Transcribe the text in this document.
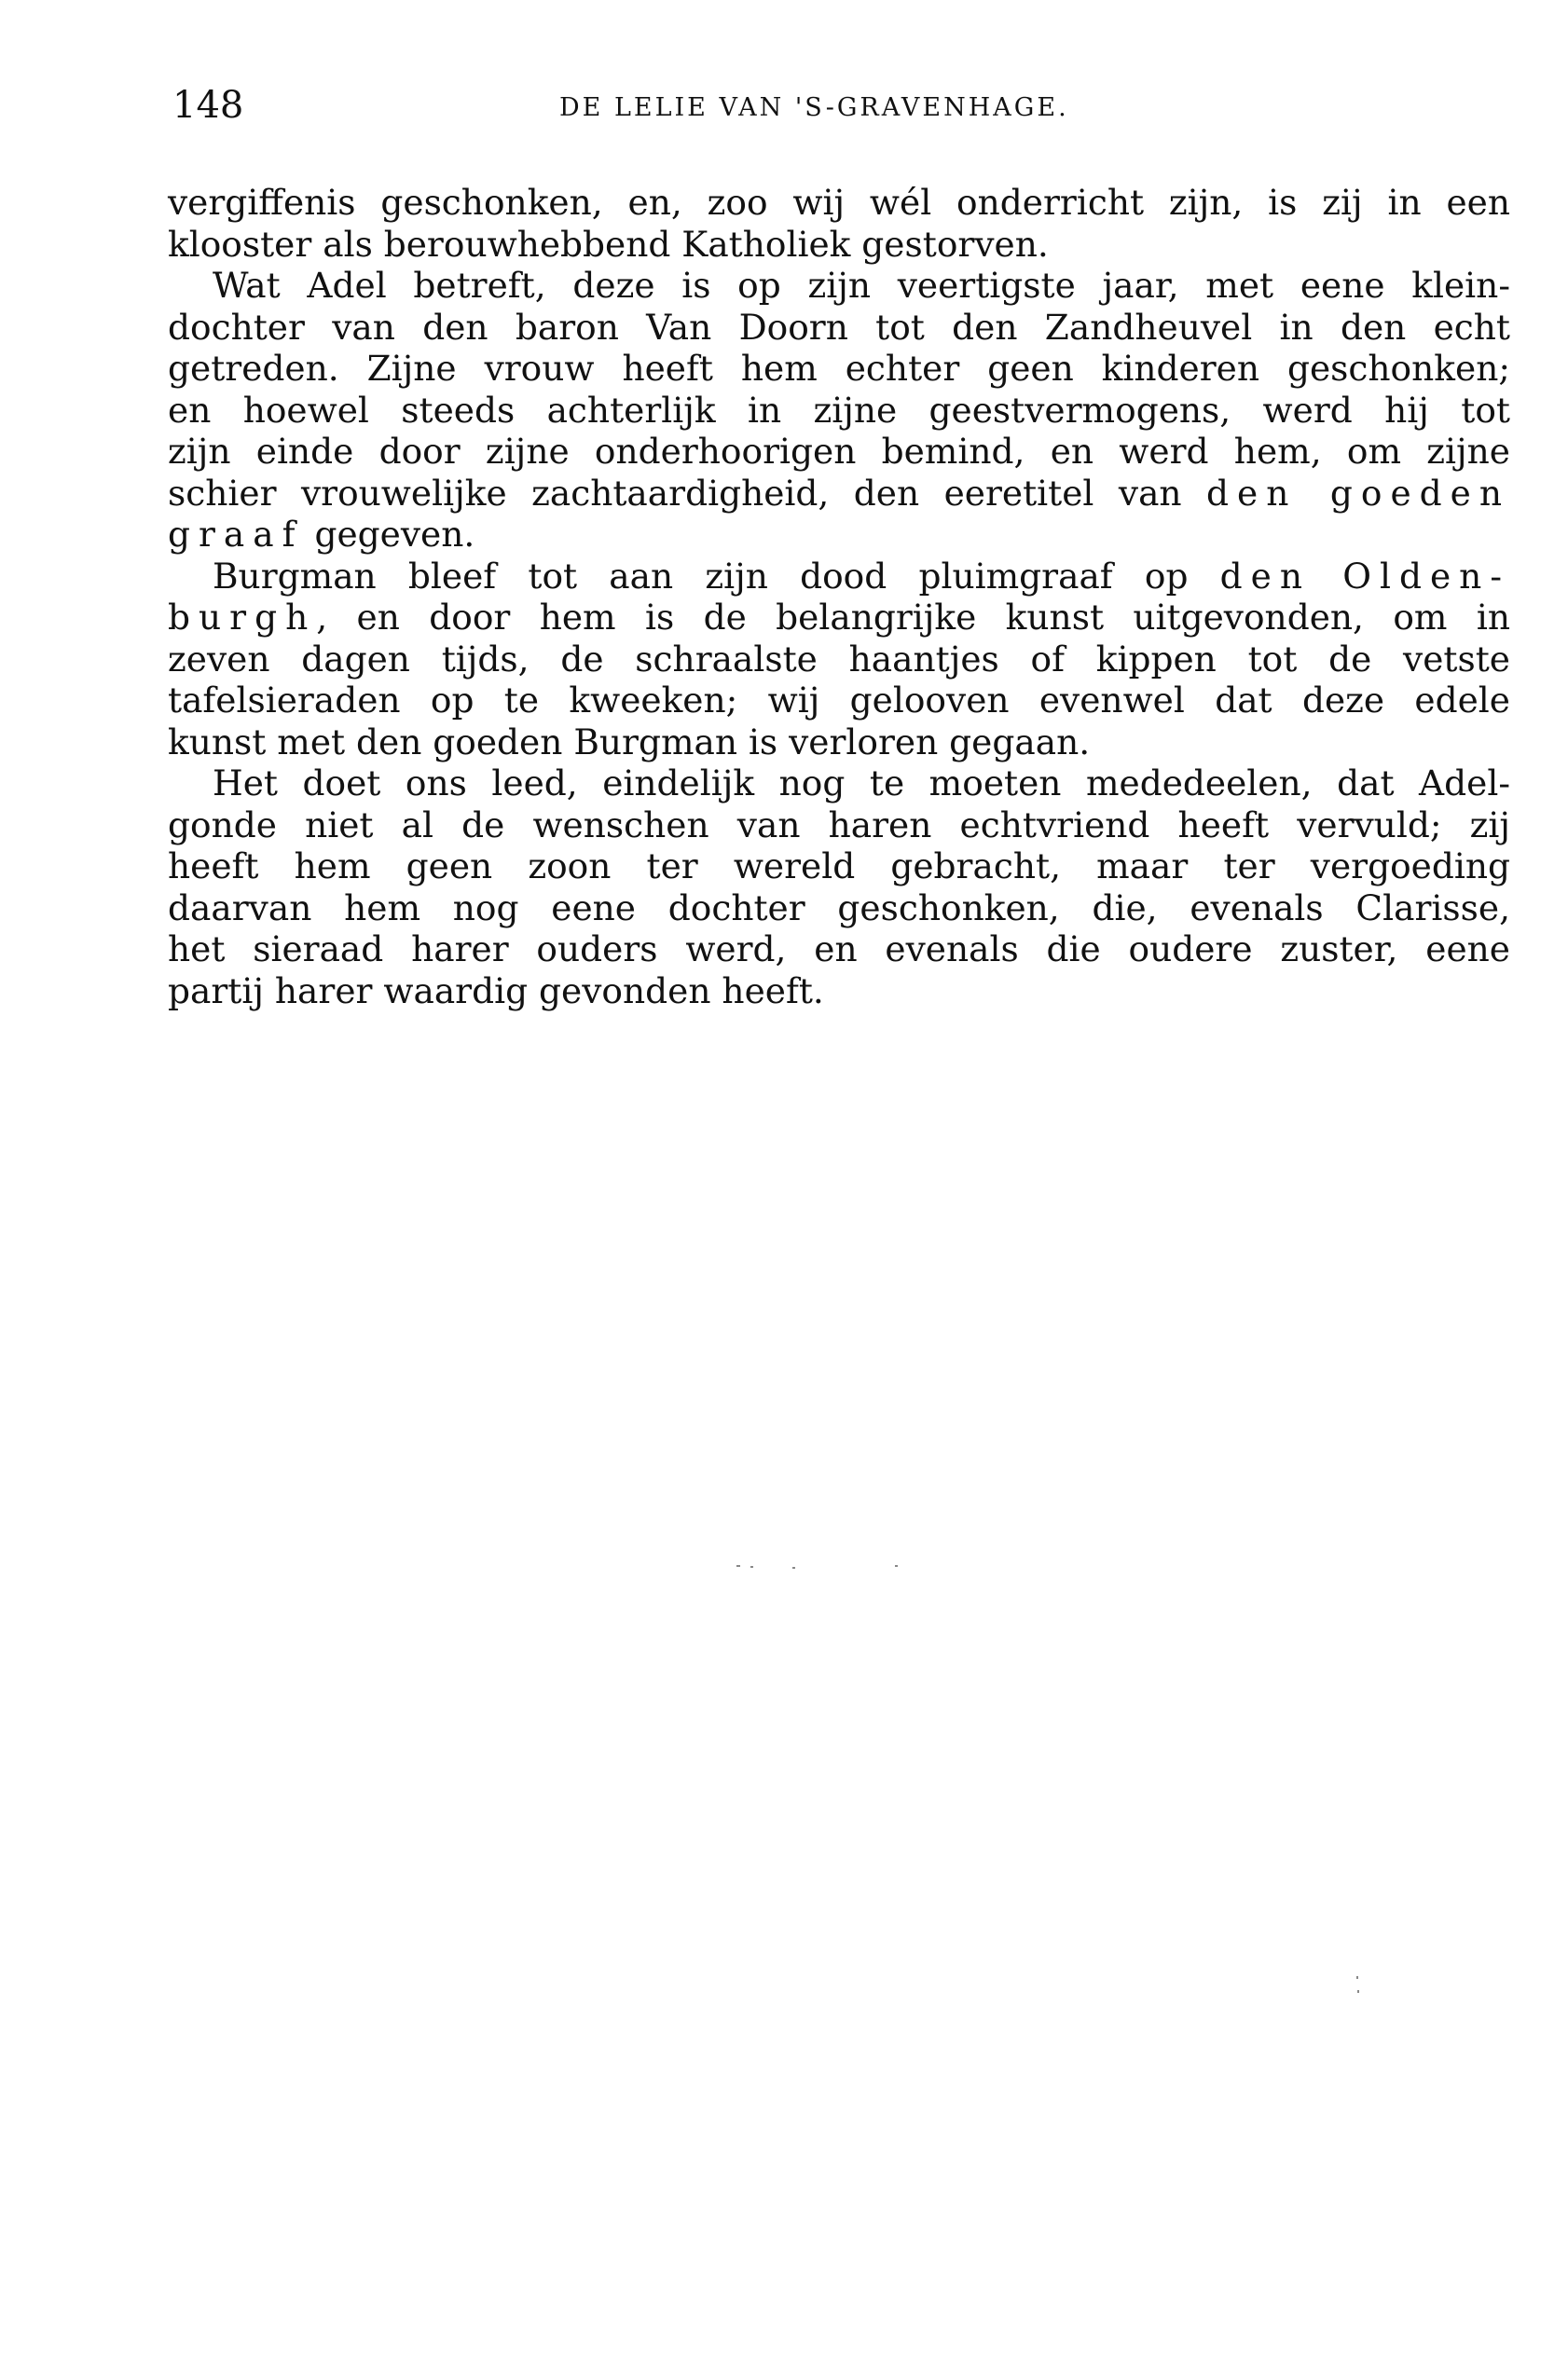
148	DE LELIE VAN 'S-GRAVENHAGE.
vergiffenis geschonken, en, zoo wij wél onderricht zijn, is zij in een
klooster als berouwhebbend Katholiek gestorven.
Wat Adel betreft, deze is op zijn veertigste jaar, met eene klein-
dochter van den baron Van Doorn tot den Zandheuvel in den echt
getreden. Zijne vrouw heeft hem echter geen kinderen geschonken;
en hoewel steeds achterlijk in zijne geestvermogens, werd hij tot
zijn einde door zijne onderhoorigen bemind, en werd hem, om zijne
schier vrouwelijke zachtaardigheid, den eeretitel van den goeden
graaf gegeven.
Burgman bleef tot aan zijn dood pluimgraaf op den Olden-
burgh, en door hem is de belangrijke kunst uitgevonden, om in
zeven dagen tijds, de schraalste haantjes of kippen tot de vetste
tafelsieraden op te kweeken; wij gelooven evenwel dat deze edele
kunst met den goeden Burgman is verloren gegaan.
Het doet ons leed, eindelijk nog te moeten mededeelen, dat Adel-
gonde niet al de wenschen van haren echtvriend heeft vervuld; zij
heeft hem geen zoon ter wereld gebracht, maar ter vergoeding
daarvan hem nog eene dochter geschonken, die, evenals Clarisse,
het sieraad harer ouders werd, en evenals die oudere zuster, eene
partij harer waardig gevonden heeft.
